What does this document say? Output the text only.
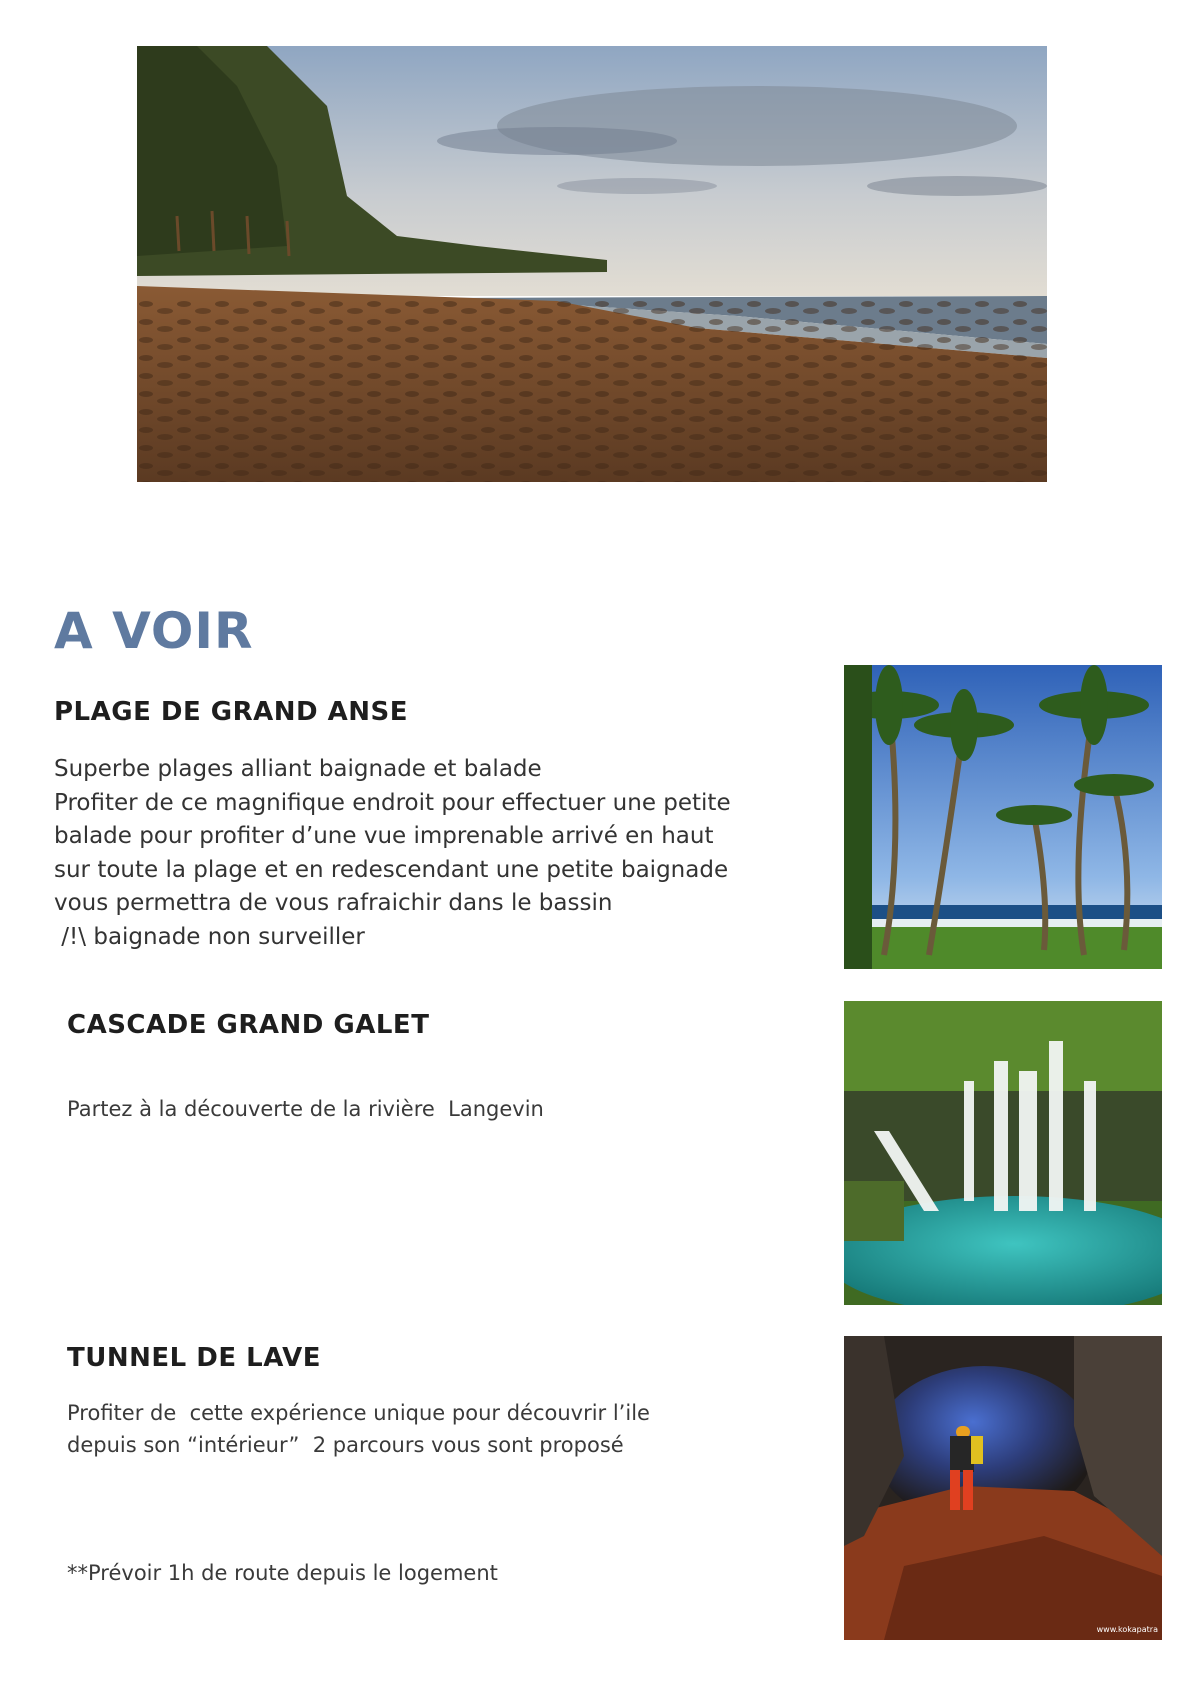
A VOIR
PLAGE DE GRAND ANSE
Superbe plages alliant baignade et balade
Profiter de ce magnifique endroit pour effectuer une petite
balade pour profiter d’une vue imprenable arrivé en haut
sur toute la plage et en redescendant une petite baignade
vous permettra de vous rafraichir dans le bassin
/!\ baignade non surveiller
CASCADE GRAND GALET
Partez à la découverte de la rivière  Langevin
TUNNEL DE LAVE
Profiter de  cette expérience unique pour découvrir l’ile
depuis son “intérieur”  2 parcours vous sont proposé
**Prévoir 1h de route depuis le logement
www.kokapatra
